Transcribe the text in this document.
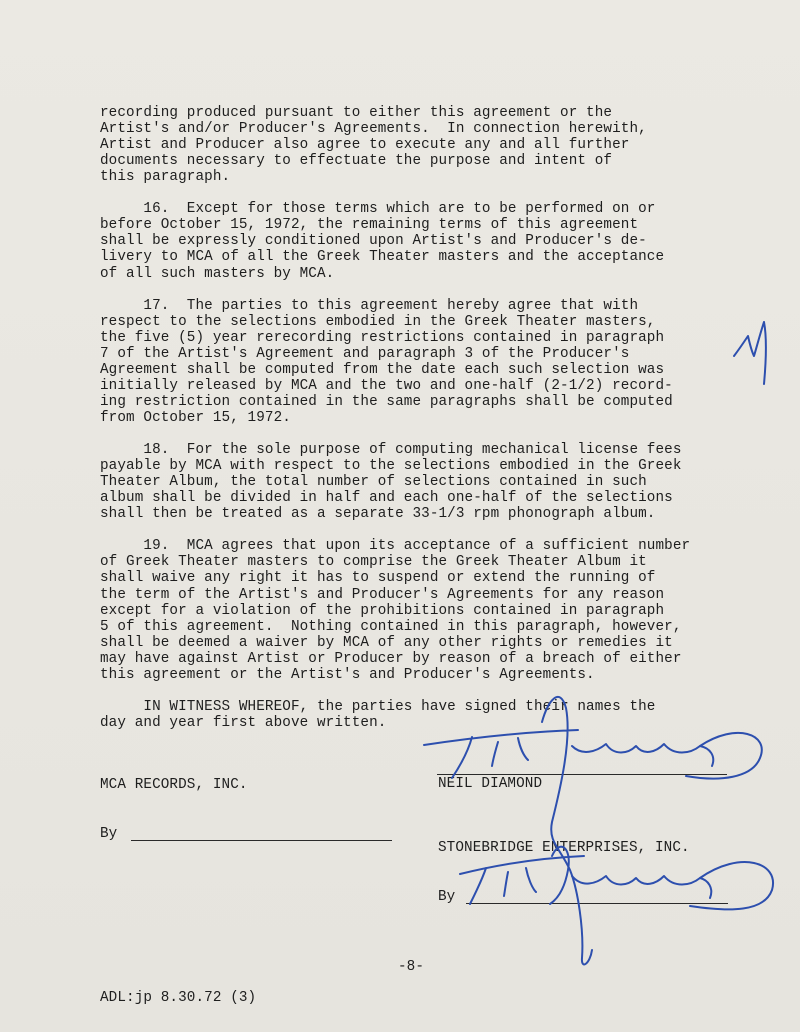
recording produced pursuant to either this agreement or the
Artist's and/or Producer's Agreements.  In connection herewith,
Artist and Producer also agree to execute any and all further
documents necessary to effectuate the purpose and intent of
this paragraph.
16.  Except for those terms which are to be performed on or
before October 15, 1972, the remaining terms of this agreement
shall be expressly conditioned upon Artist's and Producer's de-
livery to MCA of all the Greek Theater masters and the acceptance
of all such masters by MCA.
17.  The parties to this agreement hereby agree that with
respect to the selections embodied in the Greek Theater masters,
the five (5) year rerecording restrictions contained in paragraph
7 of the Artist's Agreement and paragraph 3 of the Producer's
Agreement shall be computed from the date each such selection was
initially released by MCA and the two and one-half (2-1/2) record-
ing restriction contained in the same paragraphs shall be computed
from October 15, 1972.
18.  For the sole purpose of computing mechanical license fees
payable by MCA with respect to the selections embodied in the Greek
Theater Album, the total number of selections contained in such
album shall be divided in half and each one-half of the selections
shall then be treated as a separate 33-1/3 rpm phonograph album.
19.  MCA agrees that upon its acceptance of a sufficient number
of Greek Theater masters to comprise the Greek Theater Album it
shall waive any right it has to suspend or extend the running of
the term of the Artist's and Producer's Agreements for any reason
except for a violation of the prohibitions contained in paragraph
5 of this agreement.  Nothing contained in this paragraph, however,
shall be deemed a waiver by MCA of any other rights or remedies it
may have against Artist or Producer by reason of a breach of either
this agreement or the Artist's and Producer's Agreements.
IN WITNESS WHEREOF, the parties have signed their names the
day and year first above written.
MCA RECORDS, INC.
By
NEIL DIAMOND
STONEBRIDGE ENTERPRISES, INC.
By
-8-
ADL:jp 8.30.72 (3)
